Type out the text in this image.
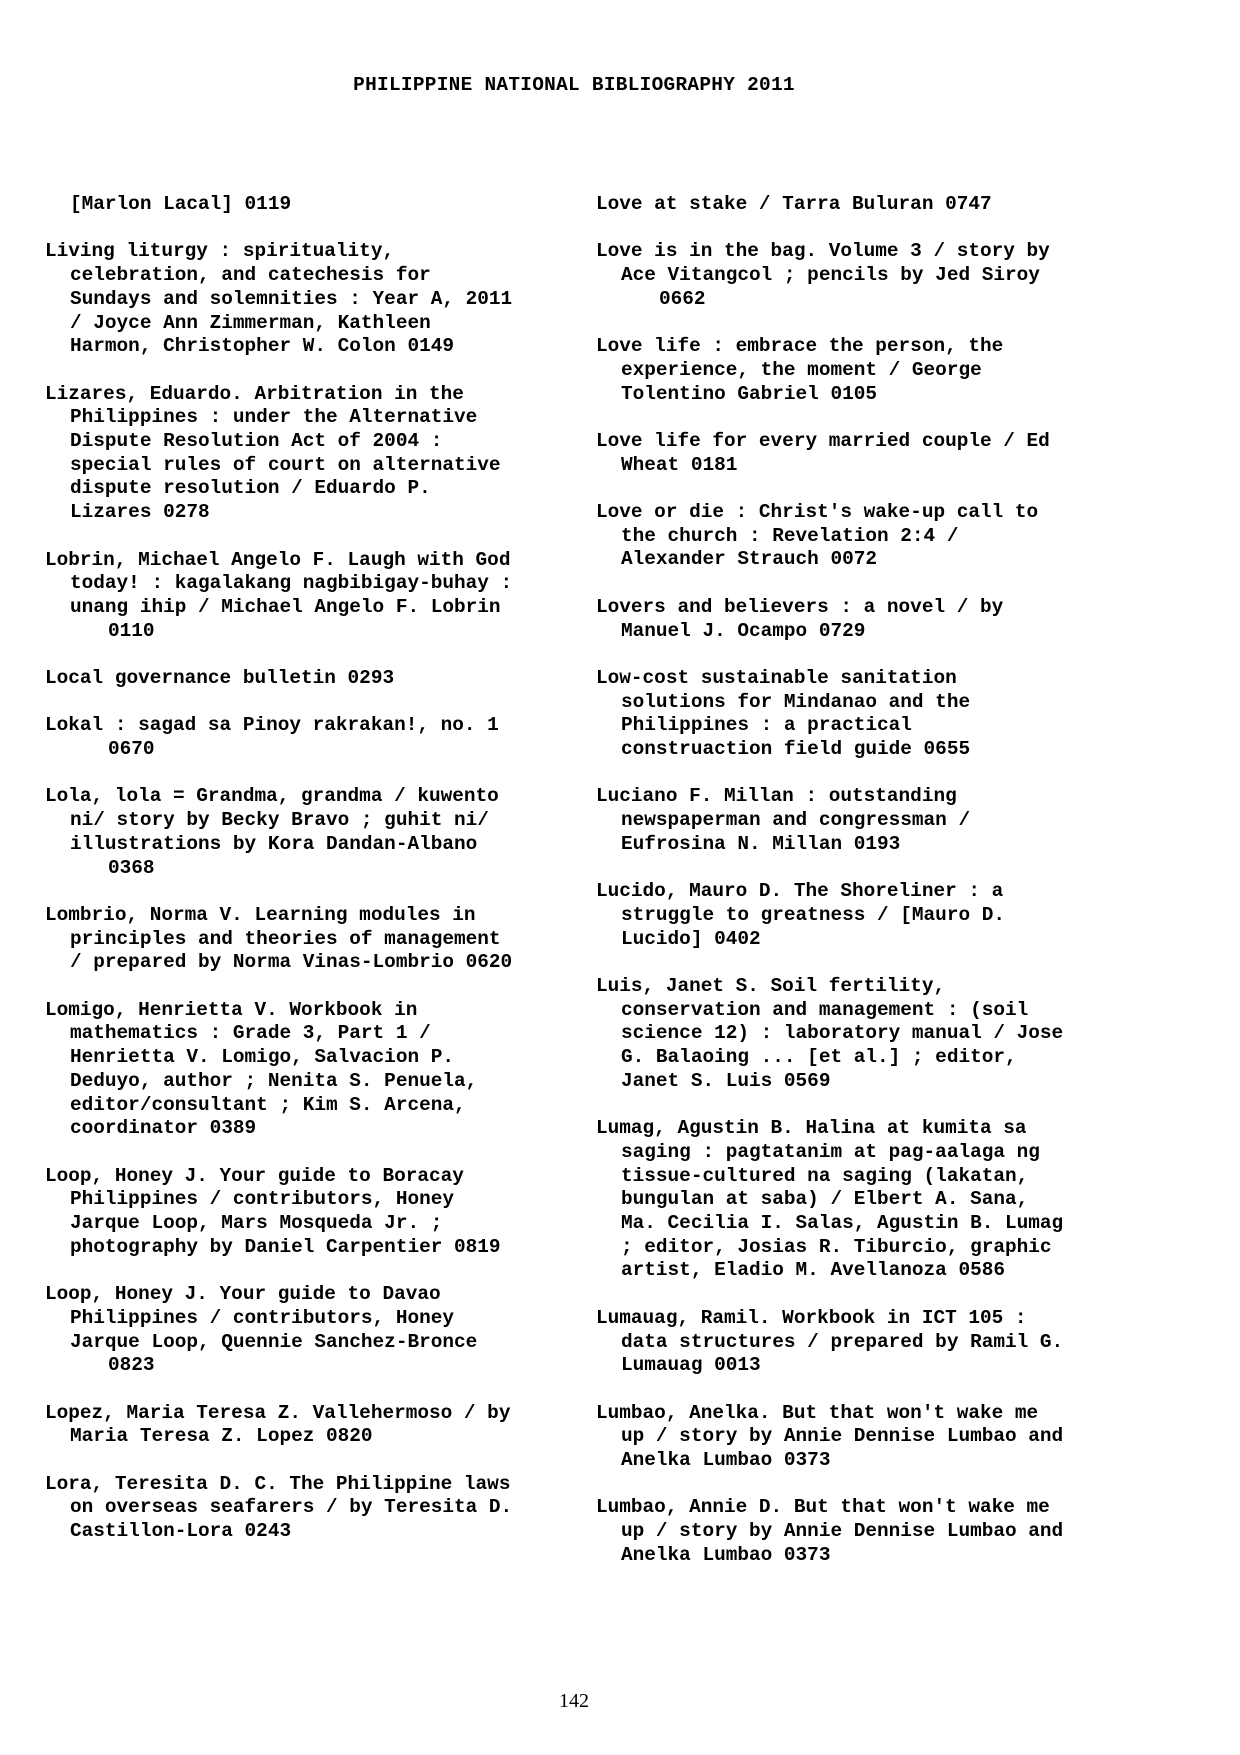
PHILIPPINE NATIONAL BIBLIOGRAPHY 2011
[Marlon Lacal] 0119
Living liturgy : spirituality,
celebration, and catechesis for
Sundays and solemnities : Year A, 2011
/ Joyce Ann Zimmerman, Kathleen
Harmon, Christopher W. Colon 0149
Lizares, Eduardo. Arbitration in the
Philippines : under the Alternative
Dispute Resolution Act of 2004 :
special rules of court on alternative
dispute resolution / Eduardo P.
Lizares 0278
Lobrin, Michael Angelo F. Laugh with God
today! : kagalakang nagbibigay-buhay :
unang ihip / Michael Angelo F. Lobrin
0110
Local governance bulletin 0293
Lokal : sagad sa Pinoy rakrakan!, no. 1
0670
Lola, lola = Grandma, grandma / kuwento
ni/ story by Becky Bravo ; guhit ni/
illustrations by Kora Dandan-Albano
0368
Lombrio, Norma V. Learning modules in
principles and theories of management
/ prepared by Norma Vinas-Lombrio 0620
Lomigo, Henrietta V. Workbook in
mathematics : Grade 3, Part 1 /
Henrietta V. Lomigo, Salvacion P.
Deduyo, author ; Nenita S. Penuela,
editor/consultant ; Kim S. Arcena,
coordinator 0389
Loop, Honey J. Your guide to Boracay
Philippines / contributors, Honey
Jarque Loop, Mars Mosqueda Jr. ;
photography by Daniel Carpentier 0819
Loop, Honey J. Your guide to Davao
Philippines / contributors, Honey
Jarque Loop, Quennie Sanchez-Bronce
0823
Lopez, Maria Teresa Z. Vallehermoso / by
Maria Teresa Z. Lopez 0820
Lora, Teresita D. C. The Philippine laws
on overseas seafarers / by Teresita D.
Castillon-Lora 0243
Love at stake / Tarra Buluran 0747
Love is in the bag. Volume 3 / story by
Ace Vitangcol ; pencils by Jed Siroy
0662
Love life : embrace the person, the
experience, the moment / George
Tolentino Gabriel 0105
Love life for every married couple / Ed
Wheat 0181
Love or die : Christ's wake-up call to
the church : Revelation 2:4 /
Alexander Strauch 0072
Lovers and believers : a novel / by
Manuel J. Ocampo 0729
Low-cost sustainable sanitation
solutions for Mindanao and the
Philippines : a practical
construaction field guide 0655
Luciano F. Millan : outstanding
newspaperman and congressman /
Eufrosina N. Millan 0193
Lucido, Mauro D. The Shoreliner : a
struggle to greatness / [Mauro D.
Lucido] 0402
Luis, Janet S. Soil fertility,
conservation and management : (soil
science 12) : laboratory manual / Jose
G. Balaoing ... [et al.] ; editor,
Janet S. Luis 0569
Lumag, Agustin B. Halina at kumita sa
saging : pagtatanim at pag-aalaga ng
tissue-cultured na saging (lakatan,
bungulan at saba) / Elbert A. Sana,
Ma. Cecilia I. Salas, Agustin B. Lumag
; editor, Josias R. Tiburcio, graphic
artist, Eladio M. Avellanoza 0586
Lumauag, Ramil. Workbook in ICT 105 :
data structures / prepared by Ramil G.
Lumauag 0013
Lumbao, Anelka. But that won't wake me
up / story by Annie Dennise Lumbao and
Anelka Lumbao 0373
Lumbao, Annie D. But that won't wake me
up / story by Annie Dennise Lumbao and
Anelka Lumbao 0373
142
